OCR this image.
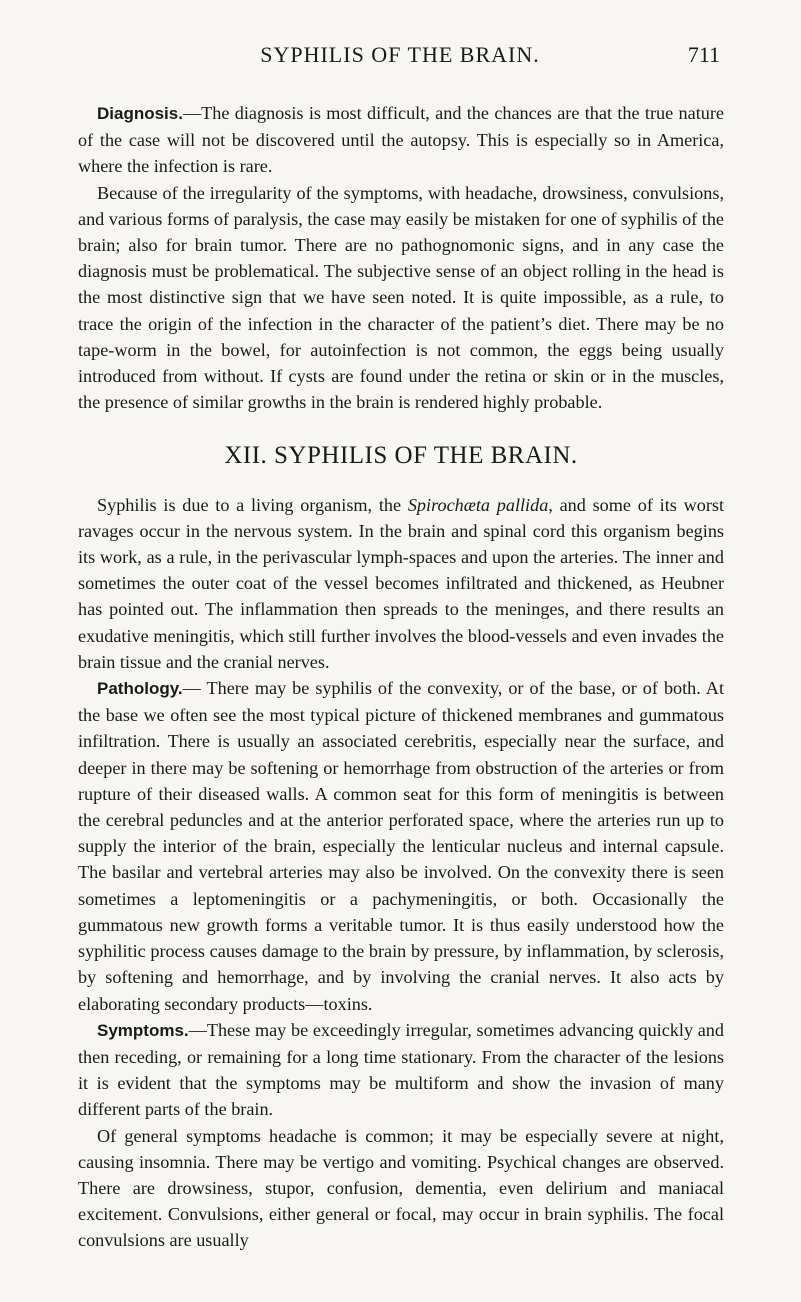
SYPHILIS OF THE BRAIN.	711

Diagnosis.—The diagnosis is most difficult, and the chances are that the true nature of the case will not be discovered until the autopsy. This is especially so in America, where the infection is rare.

Because of the irregularity of the symptoms, with headache, drowsiness, convulsions, and various forms of paralysis, the case may easily be mistaken for one of syphilis of the brain; also for brain tumor. There are no pathognomonic signs, and in any case the diagnosis must be problematical. The subjective sense of an object rolling in the head is the most distinctive sign that we have seen noted. It is quite impossible, as a rule, to trace the origin of the infection in the character of the patient’s diet. There may be no tape-worm in the bowel, for autoinfection is not common, the eggs being usually introduced from without. If cysts are found under the retina or skin or in the muscles, the presence of similar growths in the brain is rendered highly probable.

XII. SYPHILIS OF THE BRAIN.

Syphilis is due to a living organism, the Spirochæta pallida, and some of its worst ravages occur in the nervous system. In the brain and spinal cord this organism begins its work, as a rule, in the perivascular lymph-spaces and upon the arteries. The inner and sometimes the outer coat of the vessel becomes infiltrated and thickened, as Heubner has pointed out. The inflammation then spreads to the meninges, and there results an exudative meningitis, which still further involves the blood-vessels and even invades the brain tissue and the cranial nerves.

Pathology.— There may be syphilis of the convexity, or of the base, or of both. At the base we often see the most typical picture of thickened membranes and gummatous infiltration. There is usually an associated cerebritis, especially near the surface, and deeper in there may be softening or hemorrhage from obstruction of the arteries or from rupture of their diseased walls. A common seat for this form of meningitis is between the cerebral peduncles and at the anterior perforated space, where the arteries run up to supply the interior of the brain, especially the lenticular nucleus and internal capsule. The basilar and vertebral arteries may also be involved. On the convexity there is seen sometimes a leptomeningitis or a pachymeningitis, or both. Occasionally the gummatous new growth forms a veritable tumor. It is thus easily understood how the syphilitic process causes damage to the brain by pressure, by inflammation, by sclerosis, by softening and hemorrhage, and by involving the cranial nerves. It also acts by elaborating secondary products—toxins.

Symptoms.—These may be exceedingly irregular, sometimes advancing quickly and then receding, or remaining for a long time stationary. From the character of the lesions it is evident that the symptoms may be multiform and show the invasion of many different parts of the brain.

Of general symptoms headache is common; it may be especially severe at night, causing insomnia. There may be vertigo and vomiting. Psychical changes are observed. There are drowsiness, stupor, confusion, dementia, even delirium and maniacal excitement. Convulsions, either general or focal, may occur in brain syphilis. The focal convulsions are usually
